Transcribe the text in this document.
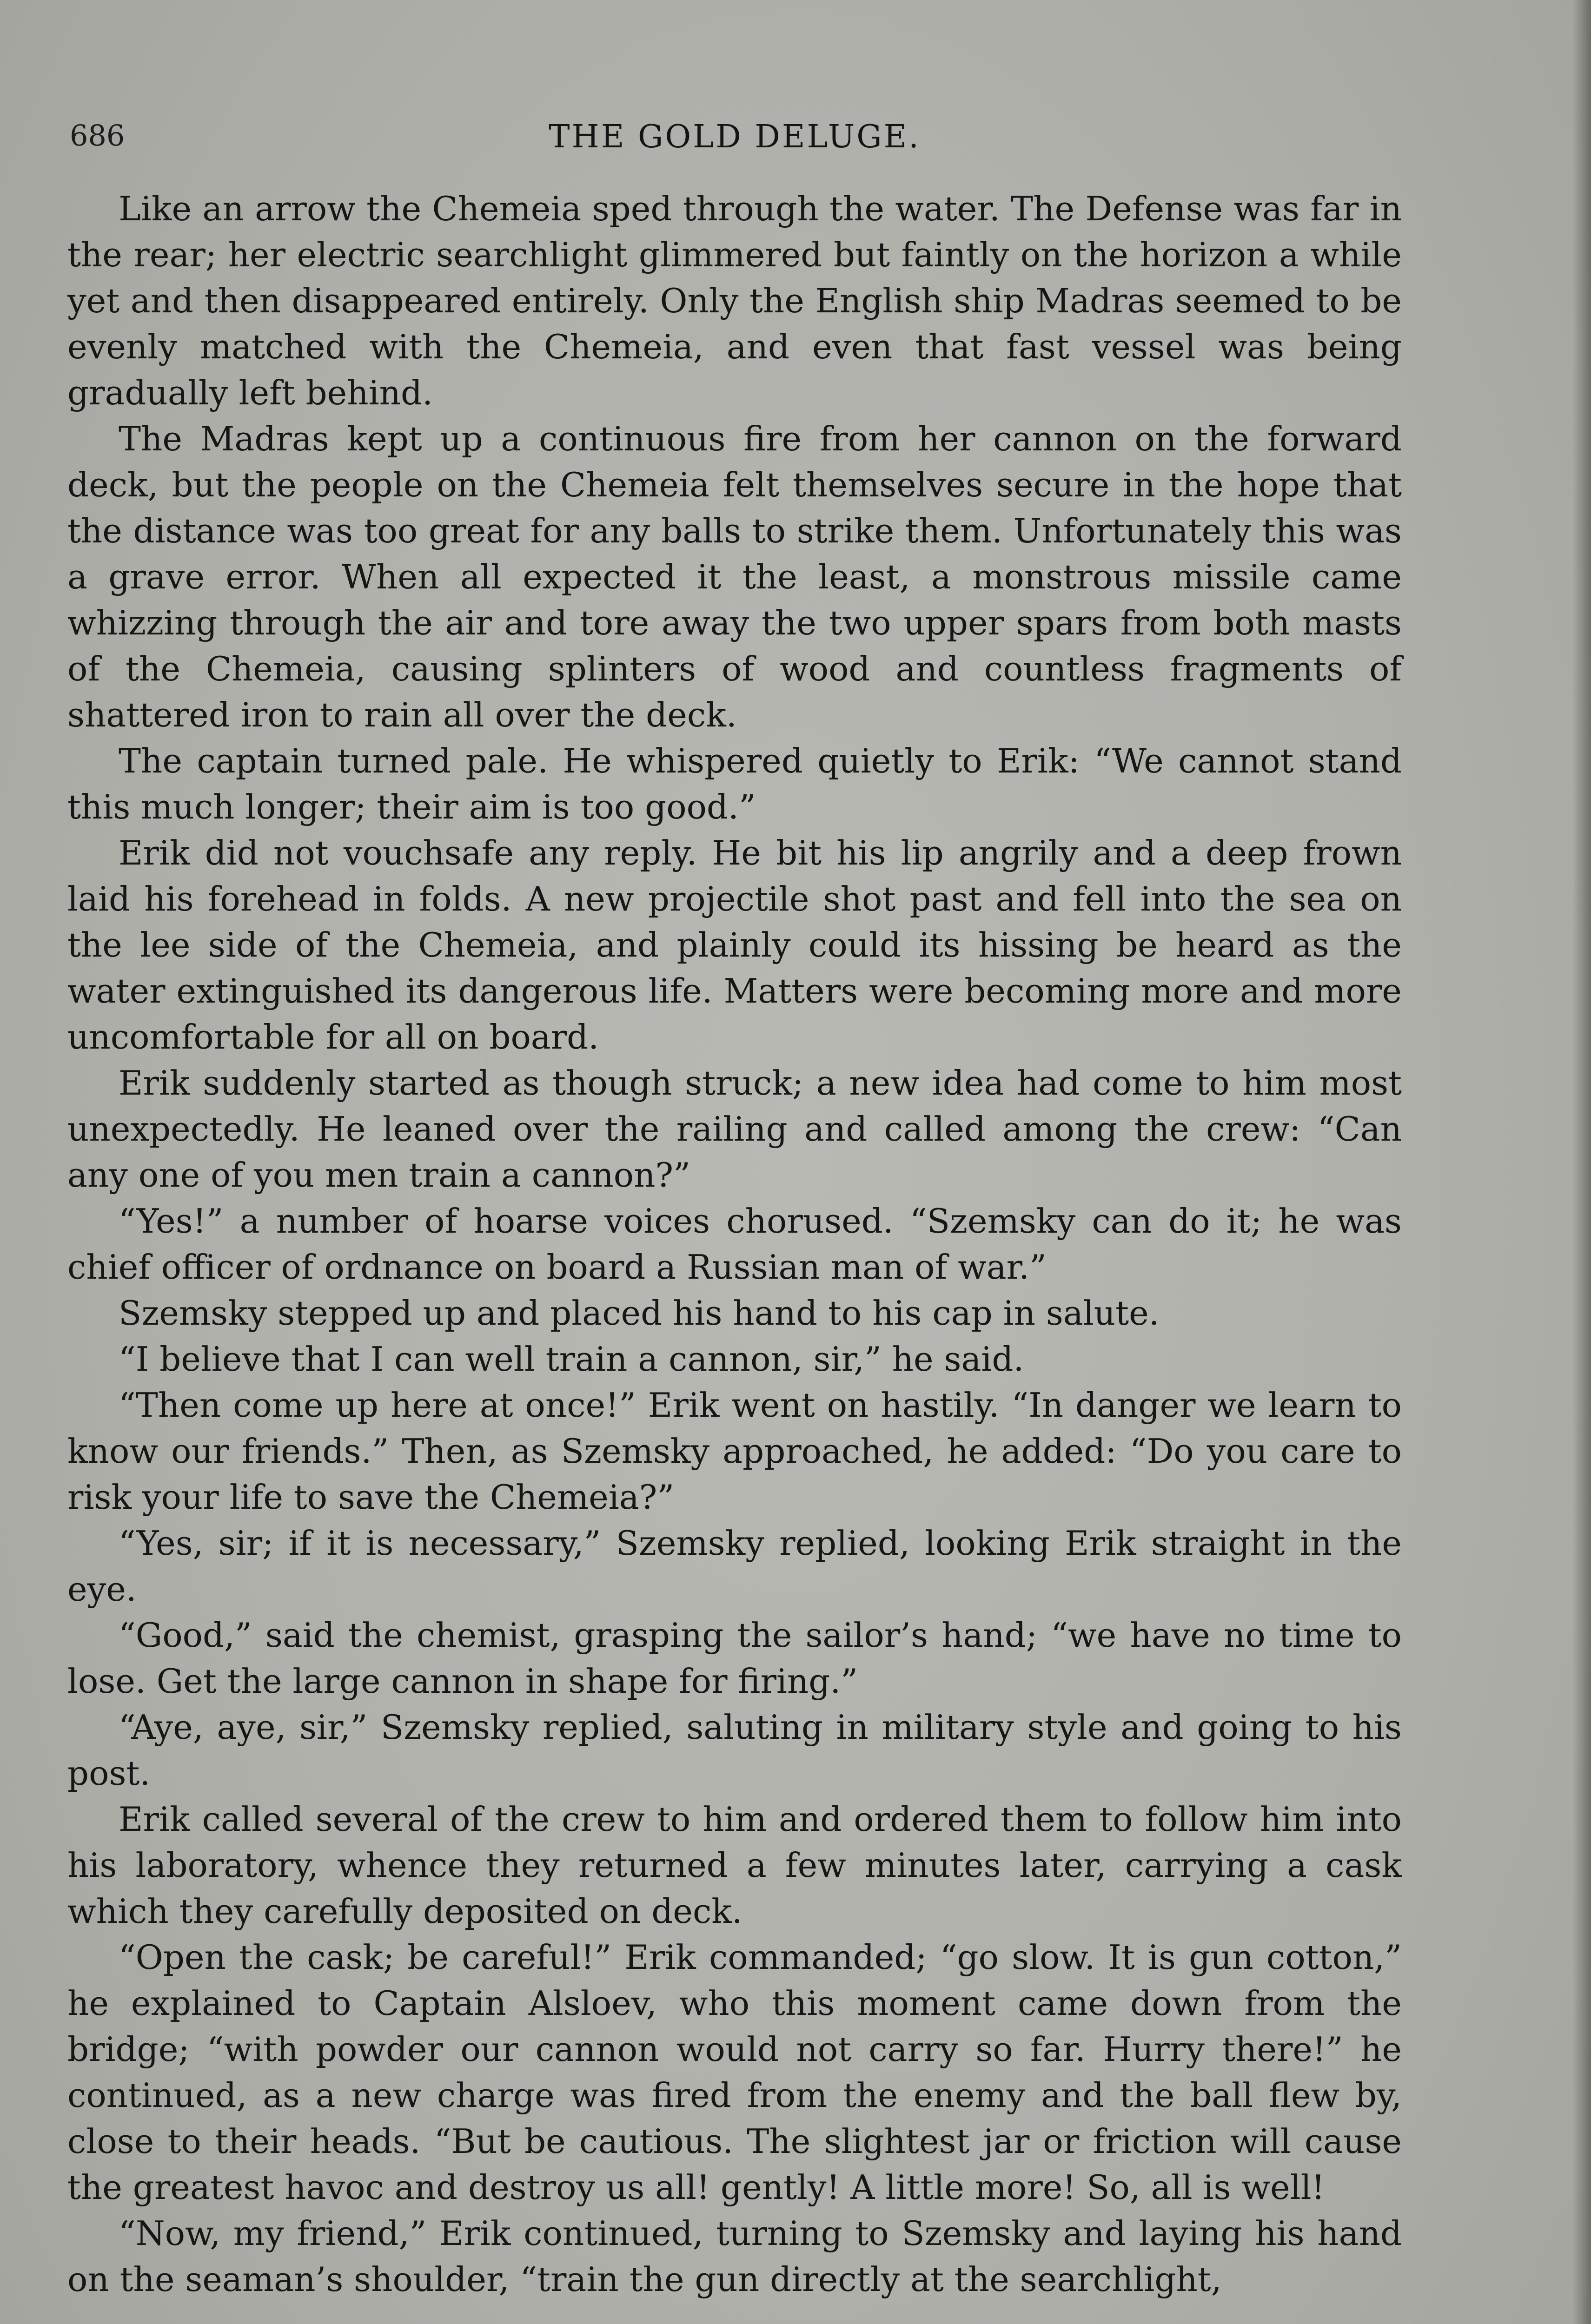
686	THE GOLD DELUGE.

Like an arrow the Chemeia sped through the water. The Defense was far in the rear; her electric searchlight glimmered but faintly on the horizon a while yet and then disappeared entirely. Only the English ship Madras seemed to be evenly matched with the Chemeia, and even that fast vessel was being gradually left behind.

The Madras kept up a continuous fire from her cannon on the forward deck, but the people on the Chemeia felt themselves secure in the hope that the distance was too great for any balls to strike them. Unfortunately this was a grave error. When all expected it the least, a monstrous missile came whizzing through the air and tore away the two upper spars from both masts of the Chemeia, causing splinters of wood and countless fragments of shattered iron to rain all over the deck.

The captain turned pale. He whispered quietly to Erik: “We cannot stand this much longer; their aim is too good.”

Erik did not vouchsafe any reply. He bit his lip angrily and a deep frown laid his forehead in folds. A new projectile shot past and fell into the sea on the lee side of the Chemeia, and plainly could its hissing be heard as the water extinguished its dangerous life. Matters were becoming more and more uncomfortable for all on board.

Erik suddenly started as though struck; a new idea had come to him most unexpectedly. He leaned over the railing and called among the crew: “Can any one of you men train a cannon?”

“Yes!” a number of hoarse voices chorused. “Szemsky can do it; he was chief officer of ordnance on board a Russian man of war.”

Szemsky stepped up and placed his hand to his cap in salute.

“I believe that I can well train a cannon, sir,” he said.

“Then come up here at once!” Erik went on hastily. “In danger we learn to know our friends.” Then, as Szemsky approached, he added: “Do you care to risk your life to save the Chemeia?”

“Yes, sir; if it is necessary,” Szemsky replied, looking Erik straight in the eye.

“Good,” said the chemist, grasping the sailor’s hand; “we have no time to lose. Get the large cannon in shape for firing.”

“Aye, aye, sir,” Szemsky replied, saluting in military style and going to his post.

Erik called several of the crew to him and ordered them to follow him into his laboratory, whence they returned a few minutes later, carrying a cask which they carefully deposited on deck.

“Open the cask; be careful!” Erik commanded; “go slow. It is gun cotton,” he explained to Captain Alsloev, who this moment came down from the bridge; “with powder our cannon would not carry so far. Hurry there!” he continued, as a new charge was fired from the enemy and the ball flew by, close to their heads. “But be cautious. The slightest jar or friction will cause the greatest havoc and destroy us all! gently! A little more! So, all is well!

“Now, my friend,” Erik continued, turning to Szemsky and laying his hand on the seaman’s shoulder, “train the gun directly at the searchlight,
